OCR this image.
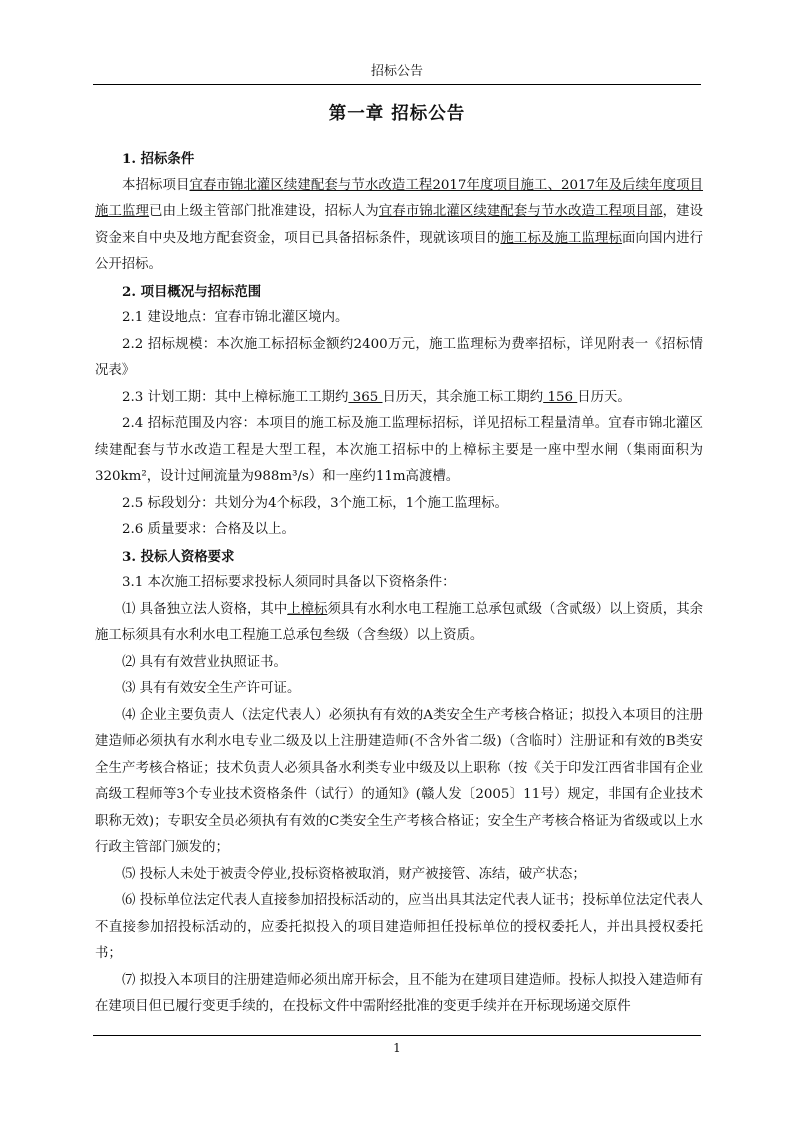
招标公告
第一章 招标公告

1. 招标条件

本招标项目宜春市锦北灌区续建配套与节水改造工程2017年度项目施工、2017年及后续年度项目施工监理已由上级主管部门批准建设，招标人为宜春市锦北灌区续建配套与节水改造工程项目部，建设资金来自中央及地方配套资金，项目已具备招标条件，现就该项目的施工标及施工监理标面向国内进行公开招标。

2. 项目概况与招标范围

2.1 建设地点：宜春市锦北灌区境内。

2.2 招标规模：本次施工标招标金额约2400万元，施工监理标为费率招标，详见附表一《招标情况表》

2.3 计划工期：其中上樟标施工工期约 365 日历天，其余施工标工期约 156 日历天。

2.4 招标范围及内容：本项目的施工标及施工监理标招标，详见招标工程量清单。宜春市锦北灌区续建配套与节水改造工程是大型工程，本次施工招标中的上樟标主要是一座中型水闸（集雨面积为320km²，设计过闸流量为988m³/s）和一座约11m高渡槽。

2.5 标段划分：共划分为4个标段，3个施工标，1个施工监理标。

2.6 质量要求：合格及以上。

3. 投标人资格要求

3.1 本次施工招标要求投标人须同时具备以下资格条件：

⑴ 具备独立法人资格，其中上樟标须具有水利水电工程施工总承包贰级（含贰级）以上资质，其余施工标须具有水利水电工程施工总承包叁级（含叁级）以上资质。

⑵ 具有有效营业执照证书。

⑶ 具有有效安全生产许可证。

⑷ 企业主要负责人（法定代表人）必须执有有效的A类安全生产考核合格证；拟投入本项目的注册建造师必须执有水利水电专业二级及以上注册建造师(不含外省二级)（含临时）注册证和有效的B类安全生产考核合格证；技术负责人必须具备水利类专业中级及以上职称（按《关于印发江西省非国有企业高级工程师等3个专业技术资格条件（试行）的通知》(赣人发〔2005〕11号）规定，非国有企业技术职称无效)；专职安全员必须执有有效的C类安全生产考核合格证；安全生产考核合格证为省级或以上水行政主管部门颁发的；

⑸ 投标人未处于被责令停业,投标资格被取消，财产被接管、冻结，破产状态；

⑹ 投标单位法定代表人直接参加招投标活动的，应当出具其法定代表人证书；投标单位法定代表人不直接参加招投标活动的，应委托拟投入的项目建造师担任投标单位的授权委托人，并出具授权委托书；

⑺ 拟投入本项目的注册建造师必须出席开标会，且不能为在建项目建造师。投标人拟投入建造师有在建项目但已履行变更手续的，在投标文件中需附经批准的变更手续并在开标现场递交原件

1
